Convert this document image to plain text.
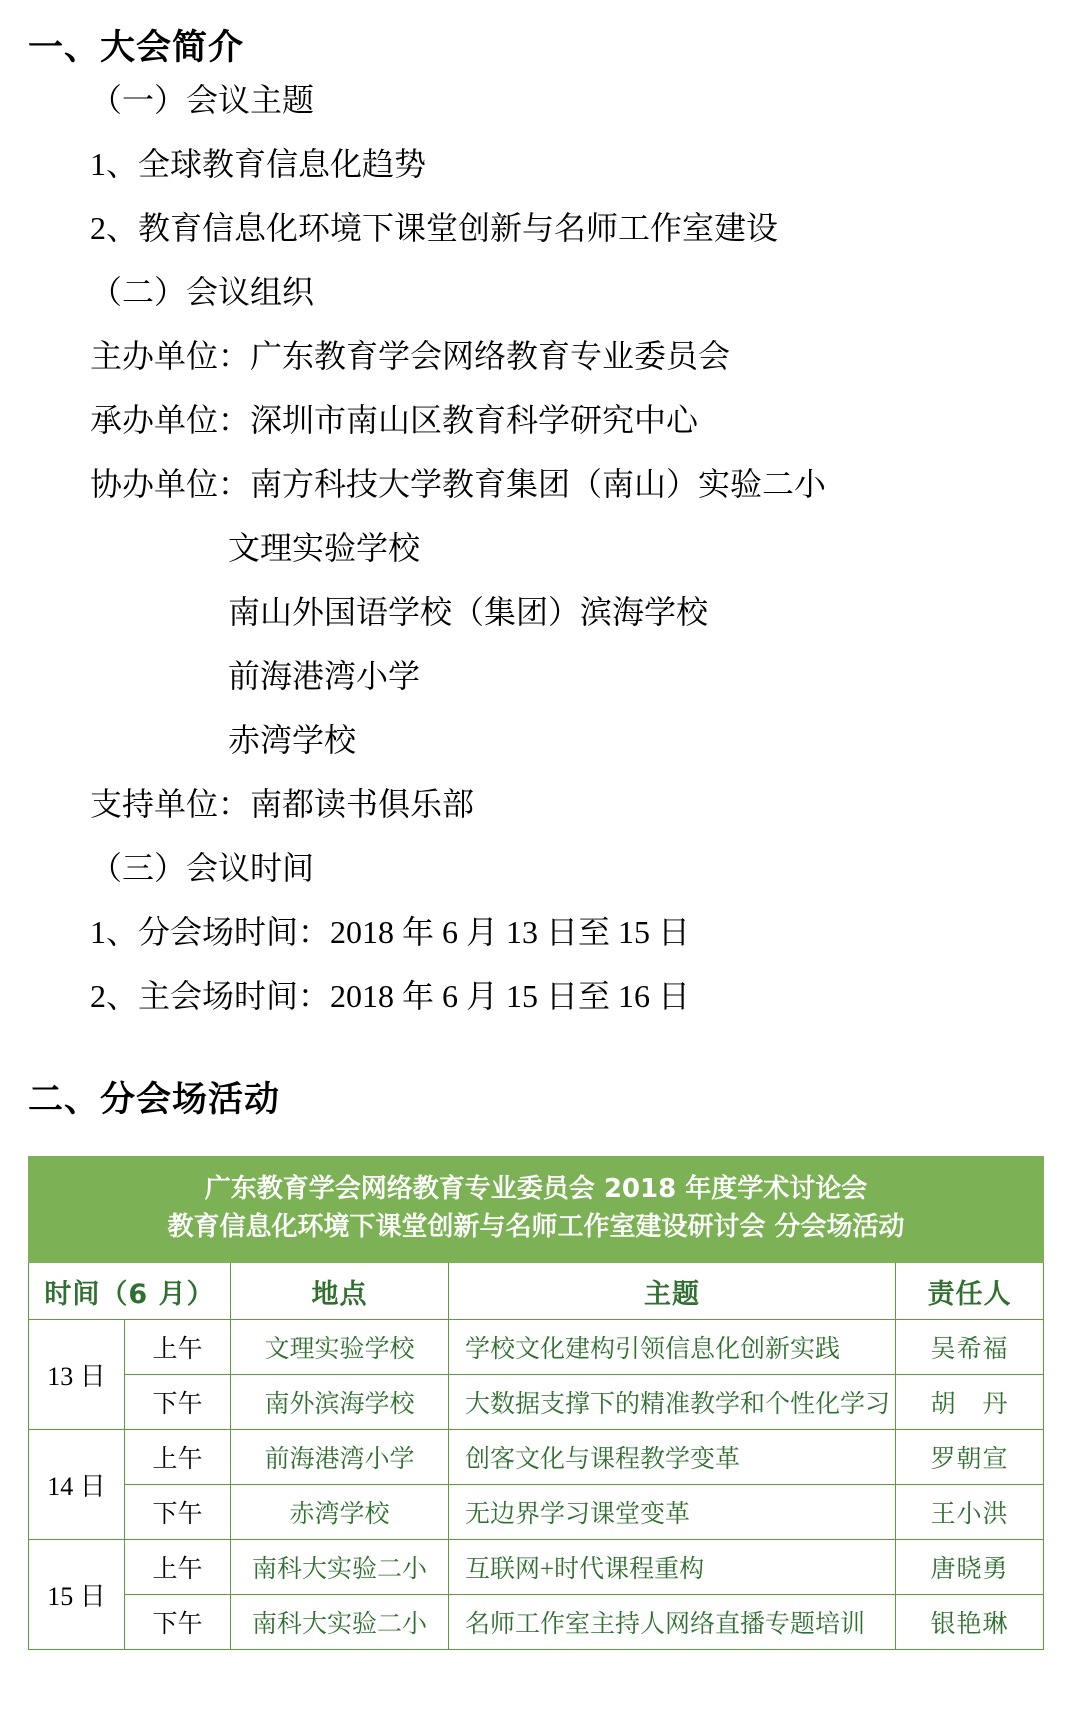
一、大会简介
（一）会议主题
1、全球教育信息化趋势
2、教育信息化环境下课堂创新与名师工作室建设
（二）会议组织
主办单位：广东教育学会网络教育专业委员会
承办单位：深圳市南山区教育科学研究中心
协办单位：南方科技大学教育集团（南山）实验二小
文理实验学校
南山外国语学校（集团）滨海学校
前海港湾小学
赤湾学校
支持单位：南都读书俱乐部
（三）会议时间
1、分会场时间：2018 年 6 月 13 日至 15 日
2、主会场时间：2018 年 6 月 15 日至 16 日
二、分会场活动
广东教育学会网络教育专业委员会 2018 年度学术讨论会
教育信息化环境下课堂创新与名师工作室建设研讨会 分会场活动				

时间（6 月）		地点	主题	责任人
13 日	上午	文理实验学校	学校文化建构引领信息化创新实践	吴希福
	下午	南外滨海学校	大数据支撑下的精准教学和个性化学习	胡　丹
14 日	上午	前海港湾小学	创客文化与课程教学变革	罗朝宣
	下午	赤湾学校	无边界学习课堂变革	王小洪
15 日	上午	南科大实验二小	互联网+时代课程重构	唐晓勇
	下午	南科大实验二小	名师工作室主持人网络直播专题培训	银艳琳
